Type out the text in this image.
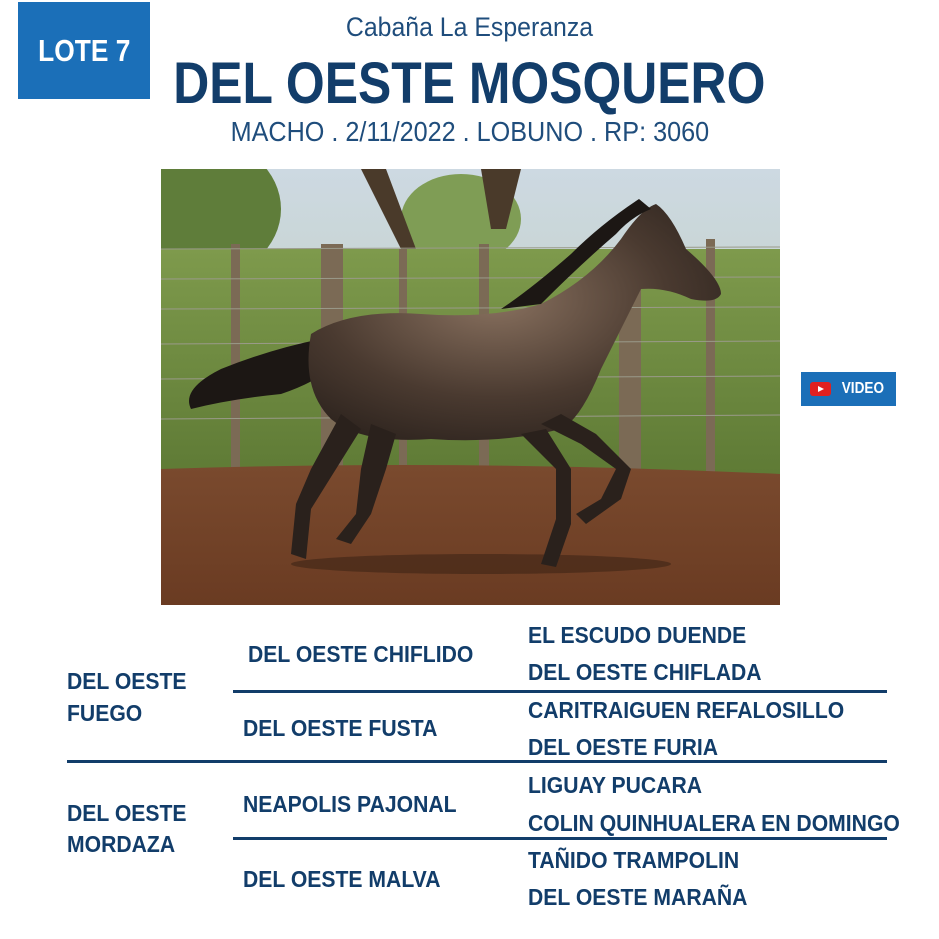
LOTE 7
Cabaña La Esperanza
DEL OESTE MOSQUERO
MACHO . 2/11/2022 . LOBUNO . RP: 3060
VIDEO
DEL OESTE
FUEGO
DEL OESTE CHIFLIDO
EL ESCUDO DUENDE
DEL OESTE CHIFLADA
DEL OESTE FUSTA
CARITRAIGUEN REFALOSILLO
DEL OESTE FURIA
DEL OESTE
MORDAZA
NEAPOLIS PAJONAL
LIGUAY PUCARA
COLIN QUINHUALERA EN DOMINGO
DEL OESTE MALVA
TAÑIDO TRAMPOLIN
DEL OESTE MARAÑA
